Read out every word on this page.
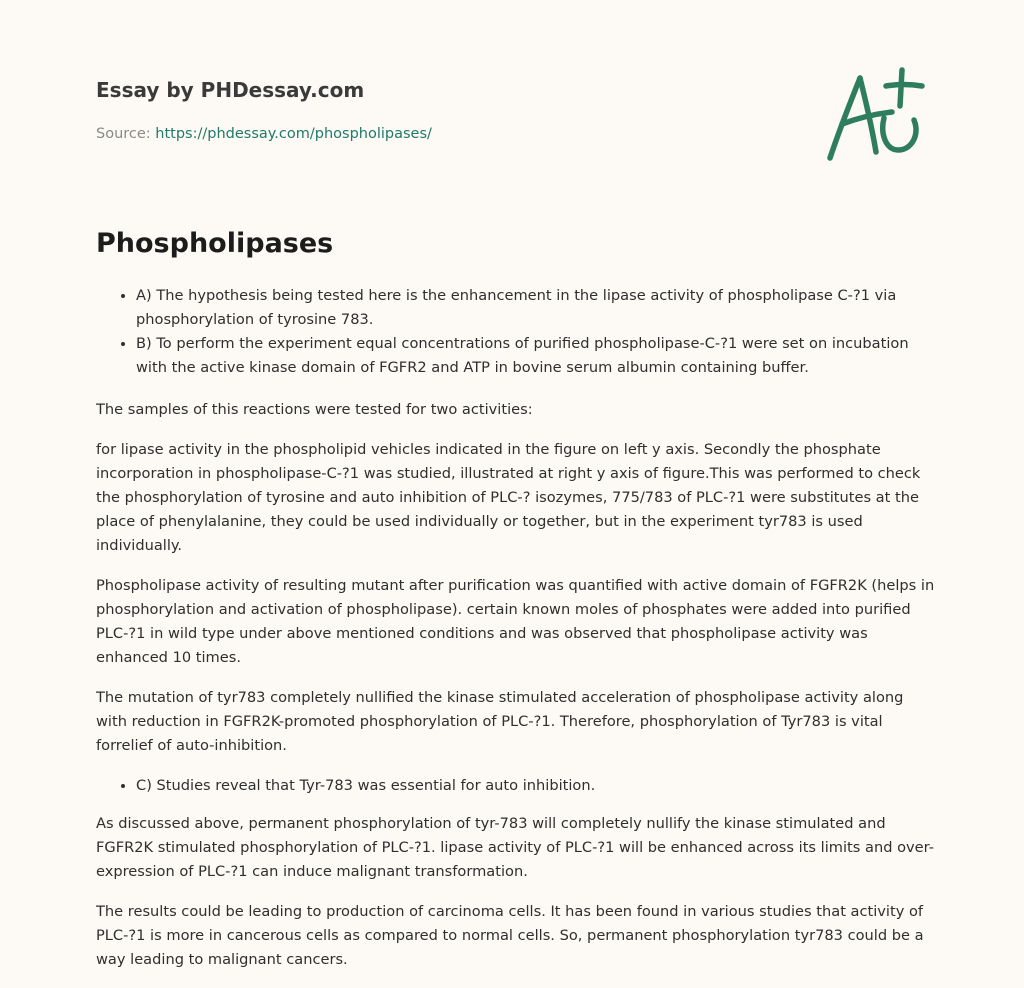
Essay by PHDessay.com
Source: https://phdessay.com/phospholipases/
Phospholipases
• A) The hypothesis being tested here is the enhancement in the lipase activity of phospholipase C-?1 via phosphorylation of tyrosine 783.
• B) To perform the experiment equal concentrations of purified phospholipase-C-?1 were set on incubation with the active kinase domain of FGFR2 and ATP in bovine serum albumin containing buffer.

The samples of this reactions were tested for two activities:

for lipase activity in the phospholipid vehicles indicated in the figure on left y axis. Secondly the phosphate incorporation in phospholipase-C-?1 was studied, illustrated at right y axis of figure.This was performed to check the phosphorylation of tyrosine and auto inhibition of PLC-? isozymes, 775/783 of PLC-?1 were substitutes at the place of phenylalanine, they could be used individually or together, but in the experiment tyr783 is used individually.

Phospholipase activity of resulting mutant after purification was quantified with active domain of FGFR2K (helps in phosphorylation and activation of phospholipase). certain known moles of phosphates were added into purified PLC-?1 in wild type under above mentioned conditions and was observed that phospholipase activity was enhanced 10 times.

The mutation of tyr783 completely nullified the kinase stimulated acceleration of phospholipase activity along with reduction in FGFR2K-promoted phosphorylation of PLC-?1. Therefore, phosphorylation of Tyr783 is vital forrelief of auto-inhibition.

• C) Studies reveal that Tyr-783 was essential for auto inhibition.

As discussed above, permanent phosphorylation of tyr-783 will completely nullify the kinase stimulated and FGFR2K stimulated phosphorylation of PLC-?1. lipase activity of PLC-?1 will be enhanced across its limits and over-expression of PLC-?1 can induce malignant transformation.

The results could be leading to production of carcinoma cells. It has been found in various studies that activity of PLC-?1 is more in cancerous cells as compared to normal cells. So, permanent phosphorylation tyr783 could be a way leading to malignant cancers.
